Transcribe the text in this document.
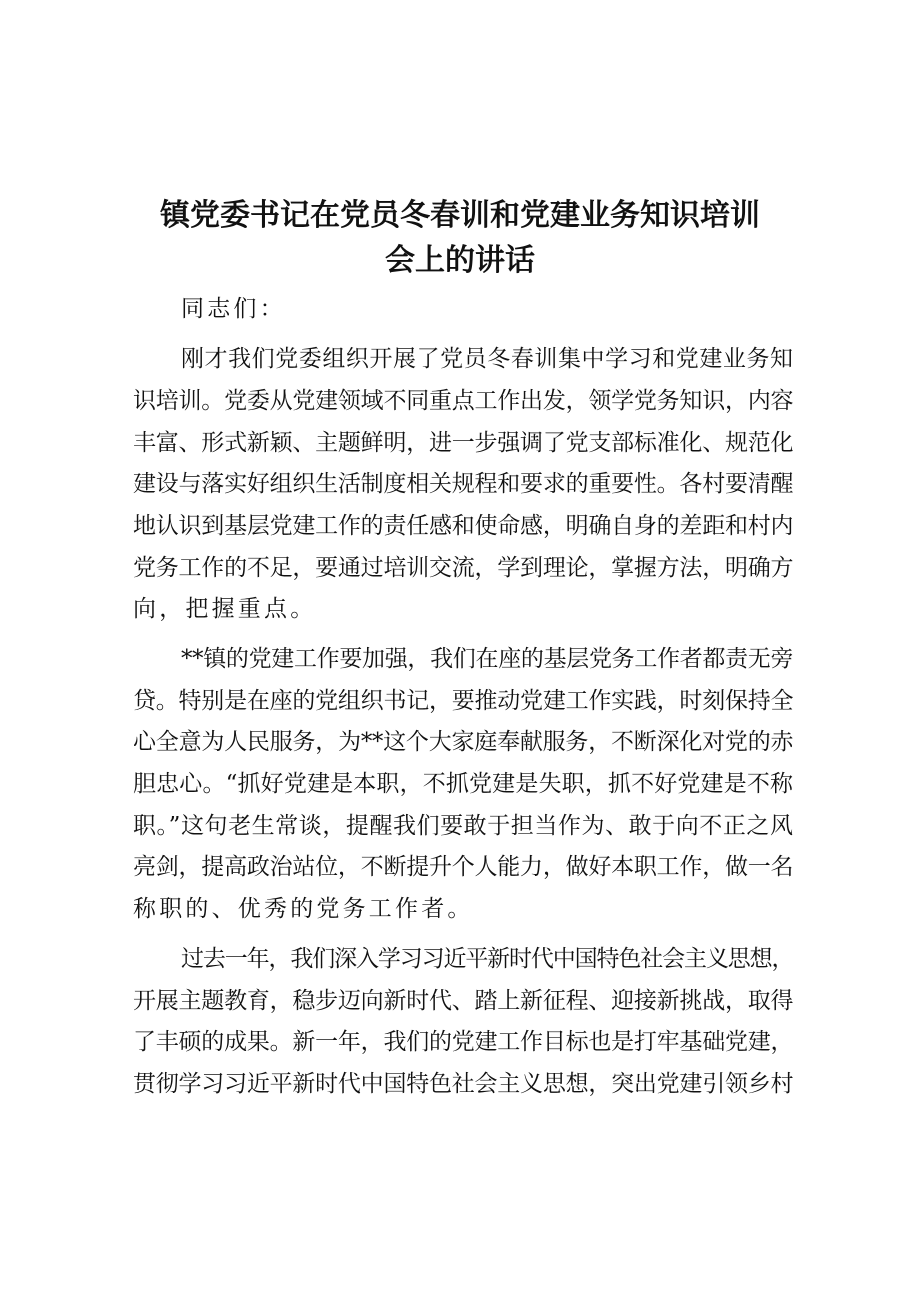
镇党委书记在党员冬春训和党建业务知识培训
会上的讲话
同志们：
刚才我们党委组织开展了党员冬春训集中学习和党建业务知
识培训。党委从党建领域不同重点工作出发，领学党务知识，内容
丰富、形式新颖、主题鲜明，进一步强调了党支部标准化、规范化
建设与落实好组织生活制度相关规程和要求的重要性。各村要清醒
地认识到基层党建工作的责任感和使命感，明确自身的差距和村内
党务工作的不足，要通过培训交流，学到理论，掌握方法，明确方
向，把握重点。
**镇的党建工作要加强，我们在座的基层党务工作者都责无旁
贷。特别是在座的党组织书记，要推动党建工作实践，时刻保持全
心全意为人民服务，为**这个大家庭奉献服务，不断深化对党的赤
胆忠心。“抓好党建是本职，不抓党建是失职，抓不好党建是不称
职。”这句老生常谈，提醒我们要敢于担当作为、敢于向不正之风
亮剑，提高政治站位，不断提升个人能力，做好本职工作，做一名
称职的、优秀的党务工作者。
过去一年，我们深入学习习近平新时代中国特色社会主义思想，
开展主题教育，稳步迈向新时代、踏上新征程、迎接新挑战，取得
了丰硕的成果。新一年，我们的党建工作目标也是打牢基础党建，
贯彻学习习近平新时代中国特色社会主义思想，突出党建引领乡村
